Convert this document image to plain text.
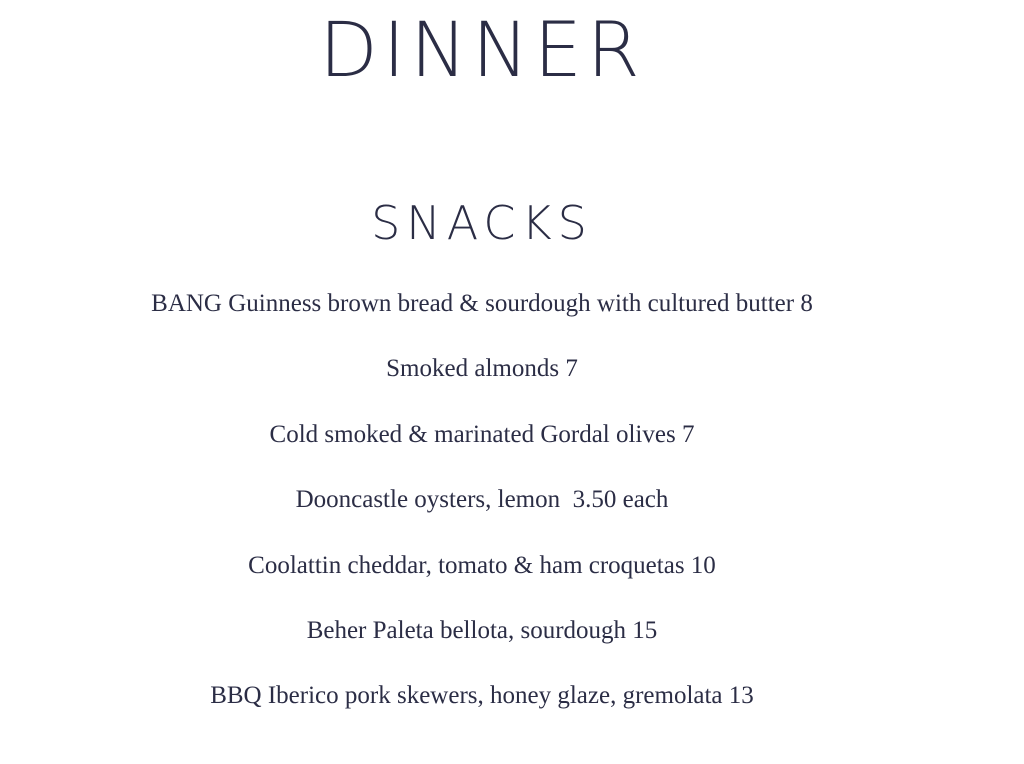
DINNER
SNACKS
BANG Guinness brown bread & sourdough with cultured butter 8
Smoked almonds 7
Cold smoked & marinated Gordal olives 7
Dooncastle oysters, lemon  3.50 each
Coolattin cheddar, tomato & ham croquetas 10
Beher Paleta bellota, sourdough 15
BBQ Iberico pork skewers, honey glaze, gremolata 13
